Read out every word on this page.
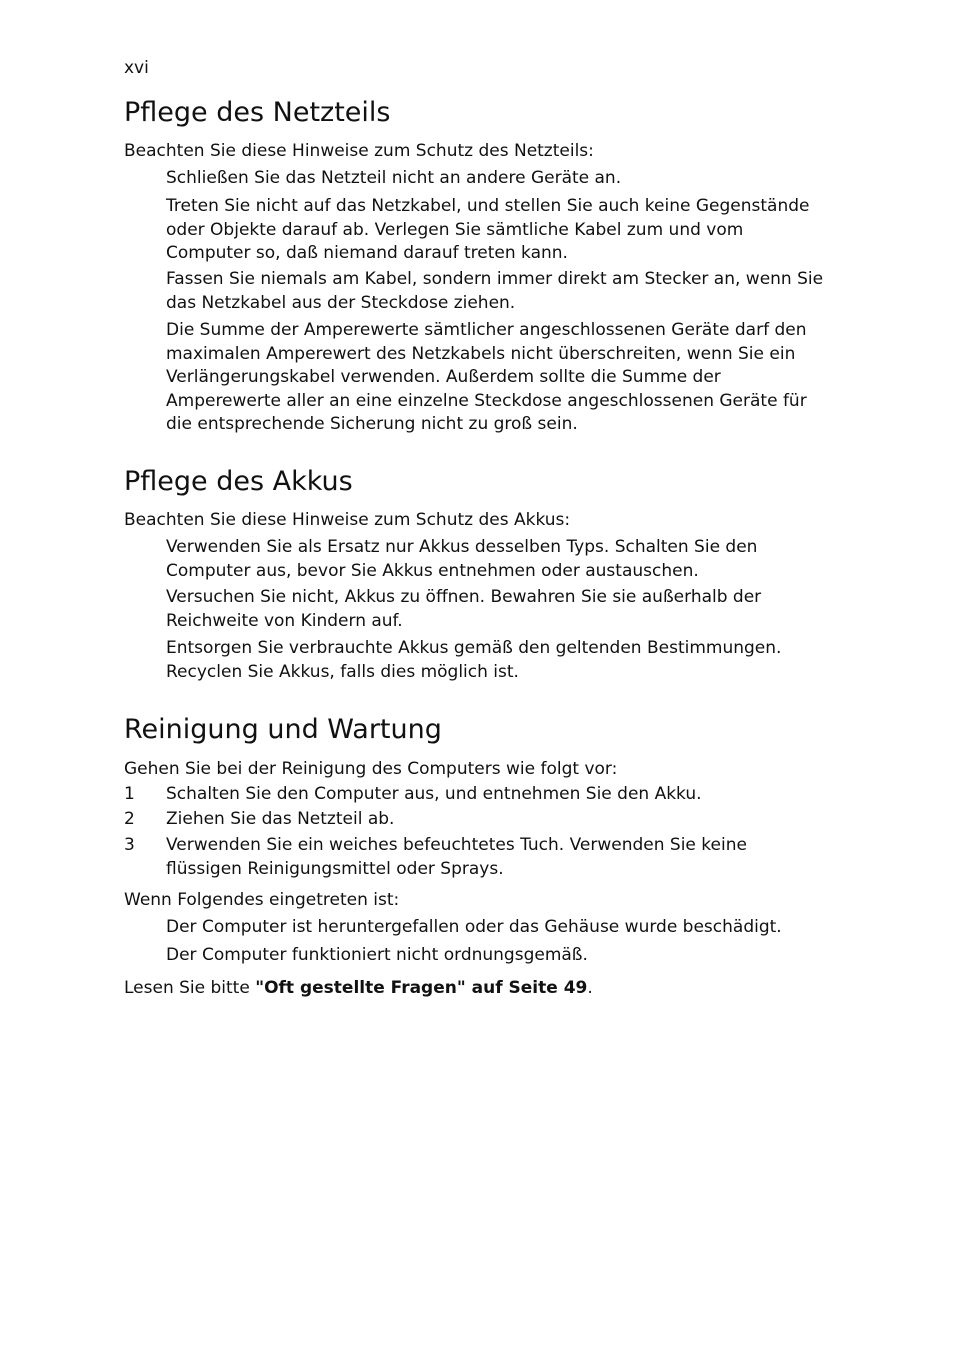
xvi
Pflege des Netzteils
Beachten Sie diese Hinweise zum Schutz des Netzteils:
Schließen Sie das Netzteil nicht an andere Geräte an.
Treten Sie nicht auf das Netzkabel, und stellen Sie auch keine Gegenstände oder Objekte darauf ab. Verlegen Sie sämtliche Kabel zum und vom Computer so, daß niemand darauf treten kann.
Fassen Sie niemals am Kabel, sondern immer direkt am Stecker an, wenn Sie das Netzkabel aus der Steckdose ziehen.
Die Summe der Amperewerte sämtlicher angeschlossenen Geräte darf den maximalen Amperewert des Netzkabels nicht überschreiten, wenn Sie ein Verlängerungskabel verwenden. Außerdem sollte die Summe der Amperewerte aller an eine einzelne Steckdose angeschlossenen Geräte für die entsprechende Sicherung nicht zu groß sein.
Pflege des Akkus
Beachten Sie diese Hinweise zum Schutz des Akkus:
Verwenden Sie als Ersatz nur Akkus desselben Typs. Schalten Sie den Computer aus, bevor Sie Akkus entnehmen oder austauschen.
Versuchen Sie nicht, Akkus zu öffnen. Bewahren Sie sie außerhalb der Reichweite von Kindern auf.
Entsorgen Sie verbrauchte Akkus gemäß den geltenden Bestimmungen. Recyclen Sie Akkus, falls dies möglich ist.
Reinigung und Wartung
Gehen Sie bei der Reinigung des Computers wie folgt vor:
1 Schalten Sie den Computer aus, und entnehmen Sie den Akku.
2 Ziehen Sie das Netzteil ab.
3 Verwenden Sie ein weiches befeuchtetes Tuch. Verwenden Sie keine flüssigen Reinigungsmittel oder Sprays.
Wenn Folgendes eingetreten ist:
Der Computer ist heruntergefallen oder das Gehäuse wurde beschädigt.
Der Computer funktioniert nicht ordnungsgemäß.
Lesen Sie bitte "Oft gestellte Fragen" auf Seite 49.
